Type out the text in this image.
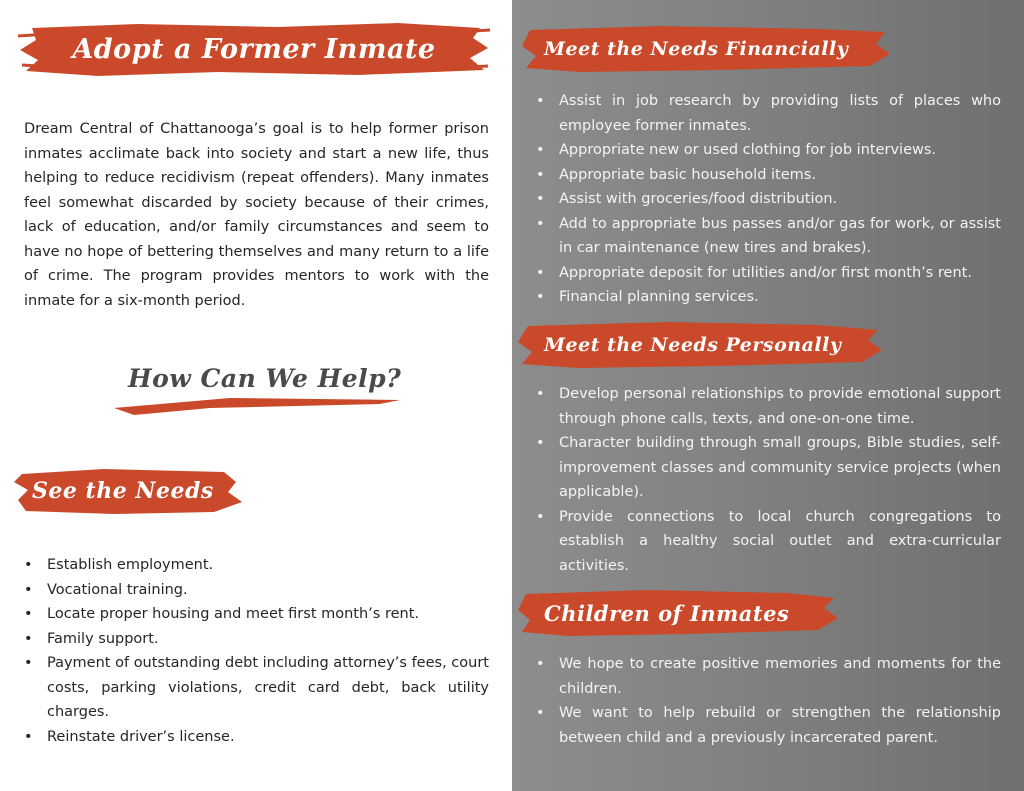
Adopt a Former Inmate

Dream Central of Chattanooga’s goal is to help former prison inmates acclimate back into society and start a new life, thus helping to reduce recidivism (repeat offenders). Many inmates feel somewhat discarded by society because of their crimes, lack of education, and/or family circumstances and seem to have no hope of bettering themselves and many return to a life of crime. The program provides mentors to work with the inmate for a six-month period.

How Can We Help?
See the Needs
• Establish employment.
• Vocational training.
• Locate proper housing and meet first month’s rent.
• Family support.
• Payment of outstanding debt including attorney’s fees, court costs, parking violations, credit card debt, back utility charges.
• Reinstate driver’s license.
Meet the Needs Financially
• Assist in job research by providing lists of places who employee former inmates.
• Appropriate new or used clothing for job interviews.
• Appropriate basic household items.
• Assist with groceries/food distribution.
• Add to appropriate bus passes and/or gas for work, or assist in car maintenance (new tires and brakes).
• Appropriate deposit for utilities and/or first month’s rent.
• Financial planning services.
Meet the Needs Personally
• Develop personal relationships to provide emotional support through phone calls, texts, and one-on-one time.
• Character building through small groups, Bible studies, self-improvement classes and community service projects (when applicable).
• Provide connections to local church congregations to establish a healthy social outlet and extra-curricular activities.
Children of Inmates
• We hope to create positive memories and moments for the children.
• We want to help rebuild or strengthen the relationship between child and a previously incarcerated parent.
